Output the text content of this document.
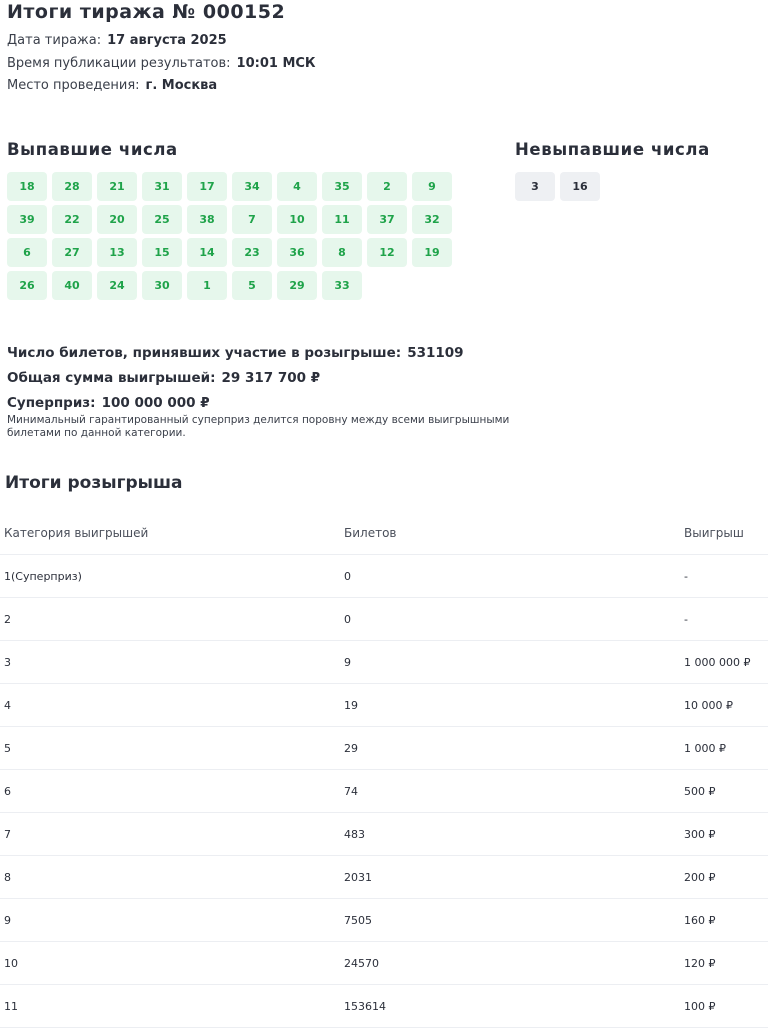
Итоги тиража № 000152
Дата тиража: 17 августа 2025
Время публикации результатов: 10:01 МСК
Место проведения: г. Москва
Выпавшие числа	Невыпавшие числа
18	28	21	31	17	34	4	35	2	9
39	22	20	25	38	7	10	11	37	32
6	27	13	15	14	23	36	8	12	19
26	40	24	30	1	5	29	33
3	16
Число билетов, принявших участие в розыгрыше: 531109
Общая сумма выигрышей: 29 317 700 ₽
Суперприз: 100 000 000 ₽
Минимальный гарантированный суперприз делится поровну между всеми выигрышными билетами по данной категории.
Итоги розыгрыша
Категория выигрышей	Билетов	Выигрыш
1(Суперприз)	0	-
2	0	-
3	9	1 000 000 ₽
4	19	10 000 ₽
5	29	1 000 ₽
6	74	500 ₽
7	483	300 ₽
8	2031	200 ₽
9	7505	160 ₽
10	24570	120 ₽
11	153614	100 ₽
